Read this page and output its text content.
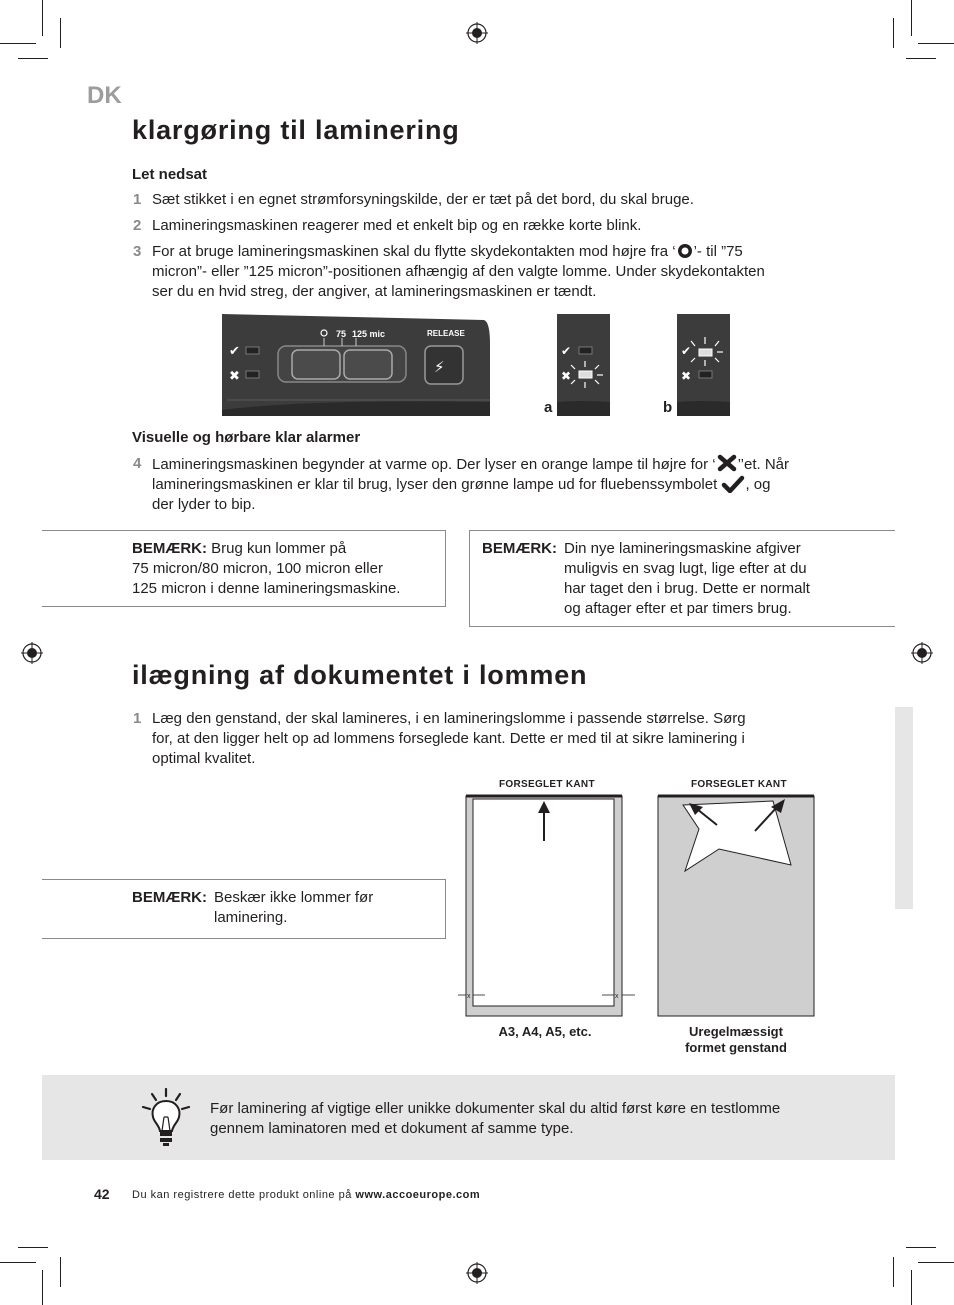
DK
klargøring til laminering
Let nedsat
1 Sæt stikket i en egnet strømforsyningskilde, der er tæt på det bord, du skal bruge.
2 Lamineringsmaskinen reagerer med et enkelt bip og en række korte blink.
3 For at bruge lamineringsmaskinen skal du flytte skydekontakten mod højre fra ‘ ’- til ”75
micron”- eller ”125 micron”-positionen afhængig af den valgte lomme. Under skydekontakten
ser du en hvid streg, der angiver, at lamineringsmaskinen er tændt.
✔
✖
75 125 mic	RELEASE
⚡
✔
✖
a
✔
✖
b
Visuelle og hørbare klar alarmer
4 Lamineringsmaskinen begynder at varme op. Der lyser en orange lampe til højre for ‘ ’’et. Når
lamineringsmaskinen er klar til brug, lyser den grønne lampe ud for fluebenssymbolet , og
der lyder to bip.
BEMÆRK: Brug kun lommer på
75 micron/80 micron, 100 micron eller
125 micron i denne lamineringsmaskine.
BEMÆRK: Din nye lamineringsmaskine afgiver
muligvis en svag lugt, lige efter at du
har taget den i brug. Dette er normalt
og aftager efter et par timers brug.
ilægning af dokumentet i lommen
1 Læg den genstand, der skal lamineres, i en lamineringslomme i passende størrelse. Sørg
for, at den ligger helt op ad lommens forseglede kant. Dette er med til at sikre laminering i
optimal kvalitet.
BEMÆRK: Beskær ikke lommer før
laminering.
FORSEGLET KANT
x	x
A3, A4, A5, etc.
FORSEGLET KANT
Uregelmæssigt
formet genstand
Før laminering af vigtige eller unikke dokumenter skal du altid først køre en testlomme
gennem laminatoren med et dokument af samme type.
42 Du kan registrere dette produkt online på www.accoeurope.com
